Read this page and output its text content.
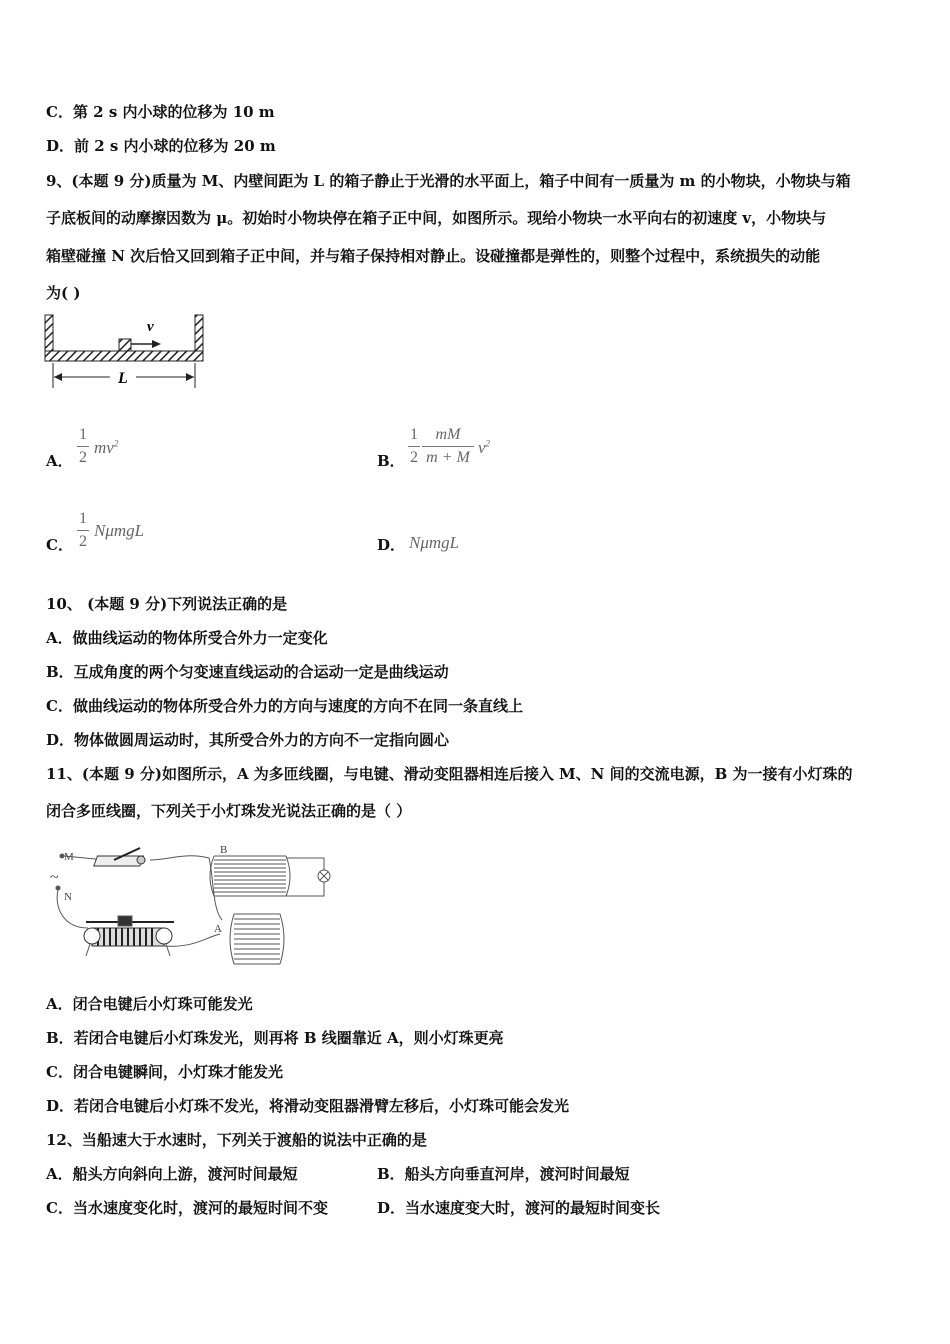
C．第 2 s 内小球的位移为 10 m
D．前 2 s 内小球的位移为 20 m
9、(本题 9 分)质量为 M、内壁间距为 L 的箱子静止于光滑的水平面上，箱子中间有一质量为 m 的小物块，小物块与箱
子底板间的动摩擦因数为 μ。初始时小物块停在箱子正中间，如图所示。现给小物块一水平向右的初速度 v，小物块与
箱壁碰撞 N 次后恰又回到箱子正中间，并与箱子保持相对静止。设碰撞都是弹性的，则整个过程中，系统损失的动能
为( )
v
L
A．
1
2
$mv^2$
B．
1
2
mM
m + M
$v^2$
C．
1
2
NμmgL
D． NμmgL
10、 (本题 9 分)下列说法正确的是
A．做曲线运动的物体所受合外力一定变化
B．互成角度的两个匀变速直线运动的合运动一定是曲线运动
C．做曲线运动的物体所受合外力的方向与速度的方向不在同一条直线上
D．物体做圆周运动时，其所受合外力的方向不一定指向圆心
11、(本题 9 分)如图所示，A 为多匝线圈，与电键、滑动变阻器相连后接入 M、N 间的交流电源，B 为一接有小灯珠的
闭合多匝线圈，下列关于小灯珠发光说法正确的是（ ）
M
~
N
B
A
A．闭合电键后小灯珠可能发光
B．若闭合电键后小灯珠发光，则再将 B 线圈靠近 A，则小灯珠更亮
C．闭合电键瞬间，小灯珠才能发光
D．若闭合电键后小灯珠不发光，将滑动变阻器滑臂左移后，小灯珠可能会发光
12、当船速大于水速时，下列关于渡船的说法中正确的是
A．船头方向斜向上游，渡河时间最短	B．船头方向垂直河岸，渡河时间最短
C．当水速度变化时，渡河的最短时间不变	D．当水速度变大时，渡河的最短时间变长
